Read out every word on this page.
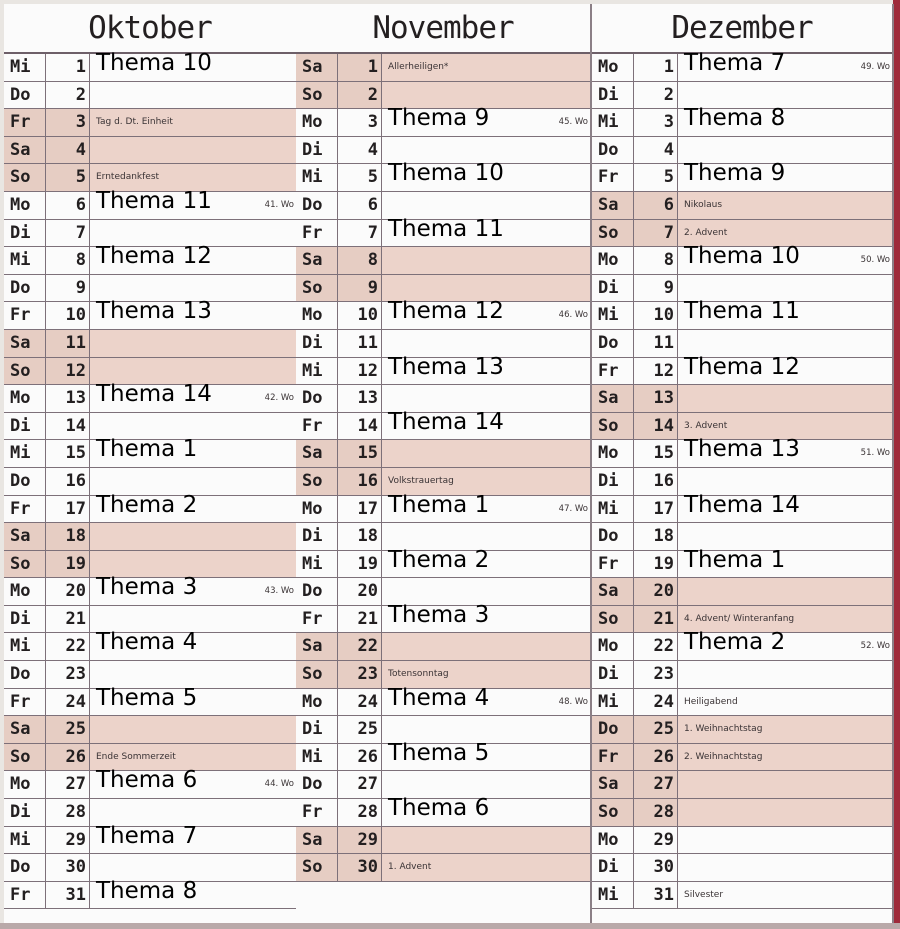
Oktober
Mi	1 Thema 10
Do	2
Fr	3	Tag d. Dt. Einheit
Sa	4
So	5	Erntedankfest
Mo	6 Thema 11	41. Wo
Di	7
Mi	8 Thema 12
Do	9
Fr	10 Thema 13
Sa	11
So	12
Mo	13 Thema 14	42. Wo
Di	14
Mi	15 Thema 1
Do	16
Fr	17 Thema 2
Sa	18
So	19
Mo	20 Thema 3	43. Wo
Di	21
Mi	22 Thema 4
Do	23
Fr	24 Thema 5
Sa	25
So	26	Ende Sommerzeit
Mo	27 Thema 6	44. Wo
Di	28
Mi	29 Thema 7
Do	30
Fr	31 Thema 8
November
Sa	1	Allerheiligen*
So	2
Mo	3 Thema 9	45. Wo
Di	4
Mi	5 Thema 10
Do	6
Fr	7 Thema 11
Sa	8
So	9
Mo	10 Thema 12	46. Wo
Di	11
Mi	12 Thema 13
Do	13
Fr	14 Thema 14
Sa	15
So	16	Volkstrauertag
Mo	17 Thema 1	47. Wo
Di	18
Mi	19 Thema 2
Do	20
Fr	21 Thema 3
Sa	22
So	23	Totensonntag
Mo	24 Thema 4	48. Wo
Di	25
Mi	26 Thema 5
Do	27
Fr	28 Thema 6
Sa	29
So	30	1. Advent
Dezember
Mo	1 Thema 7	49. Wo
Di	2
Mi	3 Thema 8
Do	4
Fr	5 Thema 9
Sa	6	Nikolaus
So	7	2. Advent
Mo	8 Thema 10	50. Wo
Di	9
Mi	10 Thema 11
Do	11
Fr	12 Thema 12
Sa	13
So	14	3. Advent
Mo	15 Thema 13	51. Wo
Di	16
Mi	17 Thema 14
Do	18
Fr	19 Thema 1
Sa	20
So	21	4. Advent/ Winteranfang
Mo	22 Thema 2	52. Wo
Di	23
Mi	24	Heiligabend
Do	25	1. Weihnachtstag
Fr	26	2. Weihnachtstag
Sa	27
So	28
Mo	29
Di	30
Mi	31	Silvester
